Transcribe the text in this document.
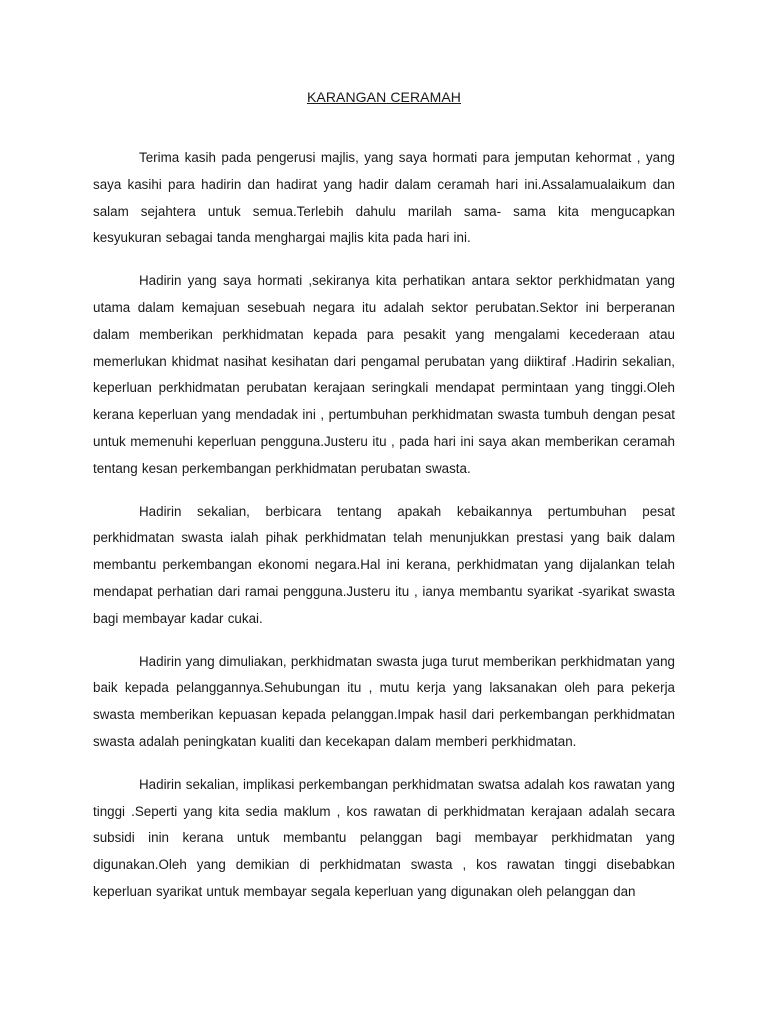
KARANGAN CERAMAH

Terima kasih pada pengerusi majlis, yang saya hormati para jemputan kehormat , yang saya kasihi para hadirin dan hadirat yang hadir dalam ceramah hari ini.Assalamualaikum dan salam sejahtera untuk semua.Terlebih dahulu marilah sama- sama kita mengucapkan kesyukuran sebagai tanda menghargai majlis kita pada hari ini.

Hadirin yang saya hormati ,sekiranya kita perhatikan antara sektor perkhidmatan yang utama dalam kemajuan sesebuah negara itu adalah sektor perubatan.Sektor ini berperanan dalam memberikan perkhidmatan kepada para pesakit yang mengalami kecederaan atau memerlukan khidmat nasihat kesihatan dari pengamal perubatan yang diiktiraf .Hadirin sekalian, keperluan perkhidmatan perubatan kerajaan seringkali mendapat permintaan yang tinggi.Oleh kerana keperluan yang mendadak ini , pertumbuhan perkhidmatan swasta tumbuh dengan pesat untuk memenuhi keperluan pengguna.Justeru itu , pada hari ini saya akan memberikan ceramah tentang kesan perkembangan perkhidmatan perubatan swasta.

Hadirin sekalian, berbicara tentang apakah kebaikannya pertumbuhan pesat perkhidmatan swasta ialah pihak perkhidmatan telah menunjukkan prestasi yang baik dalam membantu perkembangan ekonomi negara.Hal ini kerana, perkhidmatan yang dijalankan telah mendapat perhatian dari ramai pengguna.Justeru itu , ianya membantu syarikat -syarikat swasta bagi membayar kadar cukai.

Hadirin yang dimuliakan, perkhidmatan swasta juga turut memberikan perkhidmatan yang baik kepada pelanggannya.Sehubungan itu , mutu kerja yang laksanakan oleh para pekerja swasta memberikan kepuasan kepada pelanggan.Impak hasil dari perkembangan perkhidmatan swasta adalah peningkatan kualiti dan kecekapan dalam memberi perkhidmatan.

Hadirin sekalian, implikasi perkembangan perkhidmatan swatsa adalah kos rawatan yang tinggi .Seperti yang kita sedia maklum , kos rawatan di perkhidmatan kerajaan adalah secara subsidi inin kerana untuk membantu pelanggan bagi membayar perkhidmatan yang digunakan.Oleh yang demikian di perkhidmatan swasta , kos rawatan tinggi disebabkan keperluan syarikat untuk membayar segala keperluan yang digunakan oleh pelanggan dan
